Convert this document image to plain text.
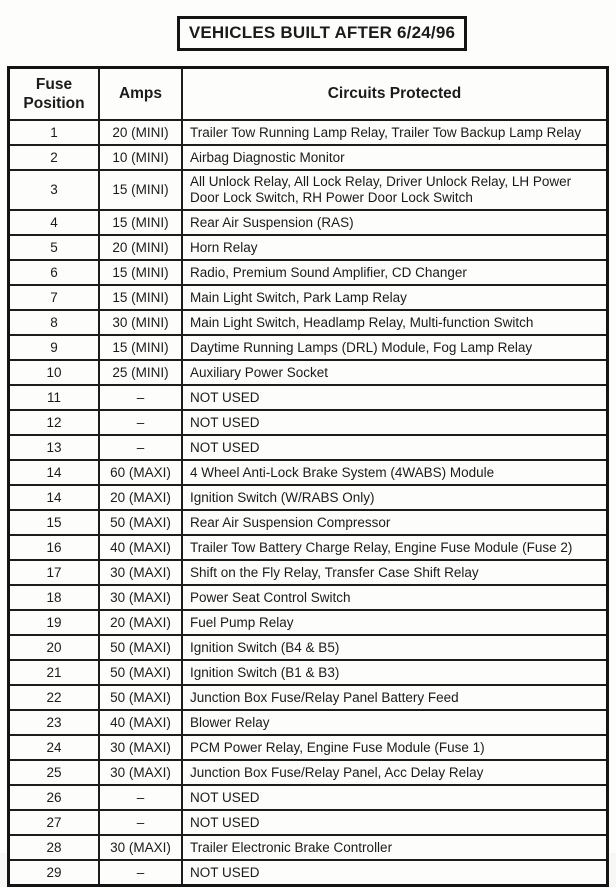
VEHICLES BUILT AFTER 6/24/96
Fuse Position	Amps	Circuits Protected
1	20 (MINI)	Trailer Tow Running Lamp Relay, Trailer Tow Backup Lamp Relay
2	10 (MINI)	Airbag Diagnostic Monitor
3	15 (MINI)	All Unlock Relay, All Lock Relay, Driver Unlock Relay, LH Power Door Lock Switch, RH Power Door Lock Switch
4	15 (MINI)	Rear Air Suspension (RAS)
5	20 (MINI)	Horn Relay
6	15 (MINI)	Radio, Premium Sound Amplifier, CD Changer
7	15 (MINI)	Main Light Switch, Park Lamp Relay
8	30 (MINI)	Main Light Switch, Headlamp Relay, Multi-function Switch
9	15 (MINI)	Daytime Running Lamps (DRL) Module, Fog Lamp Relay
10	25 (MINI)	Auxiliary Power Socket
11	–	NOT USED
12	–	NOT USED
13	–	NOT USED
14	60 (MAXI)	4 Wheel Anti-Lock Brake System (4WABS) Module
14	20 (MAXI)	Ignition Switch (W/RABS Only)
15	50 (MAXI)	Rear Air Suspension Compressor
16	40 (MAXI)	Trailer Tow Battery Charge Relay, Engine Fuse Module (Fuse 2)
17	30 (MAXI)	Shift on the Fly Relay, Transfer Case Shift Relay
18	30 (MAXI)	Power Seat Control Switch
19	20 (MAXI)	Fuel Pump Relay
20	50 (MAXI)	Ignition Switch (B4 & B5)
21	50 (MAXI)	Ignition Switch (B1 & B3)
22	50 (MAXI)	Junction Box Fuse/Relay Panel Battery Feed
23	40 (MAXI)	Blower Relay
24	30 (MAXI)	PCM Power Relay, Engine Fuse Module (Fuse 1)
25	30 (MAXI)	Junction Box Fuse/Relay Panel, Acc Delay Relay
26	–	NOT USED
27	–	NOT USED
28	30 (MAXI)	Trailer Electronic Brake Controller
29	–	NOT USED
